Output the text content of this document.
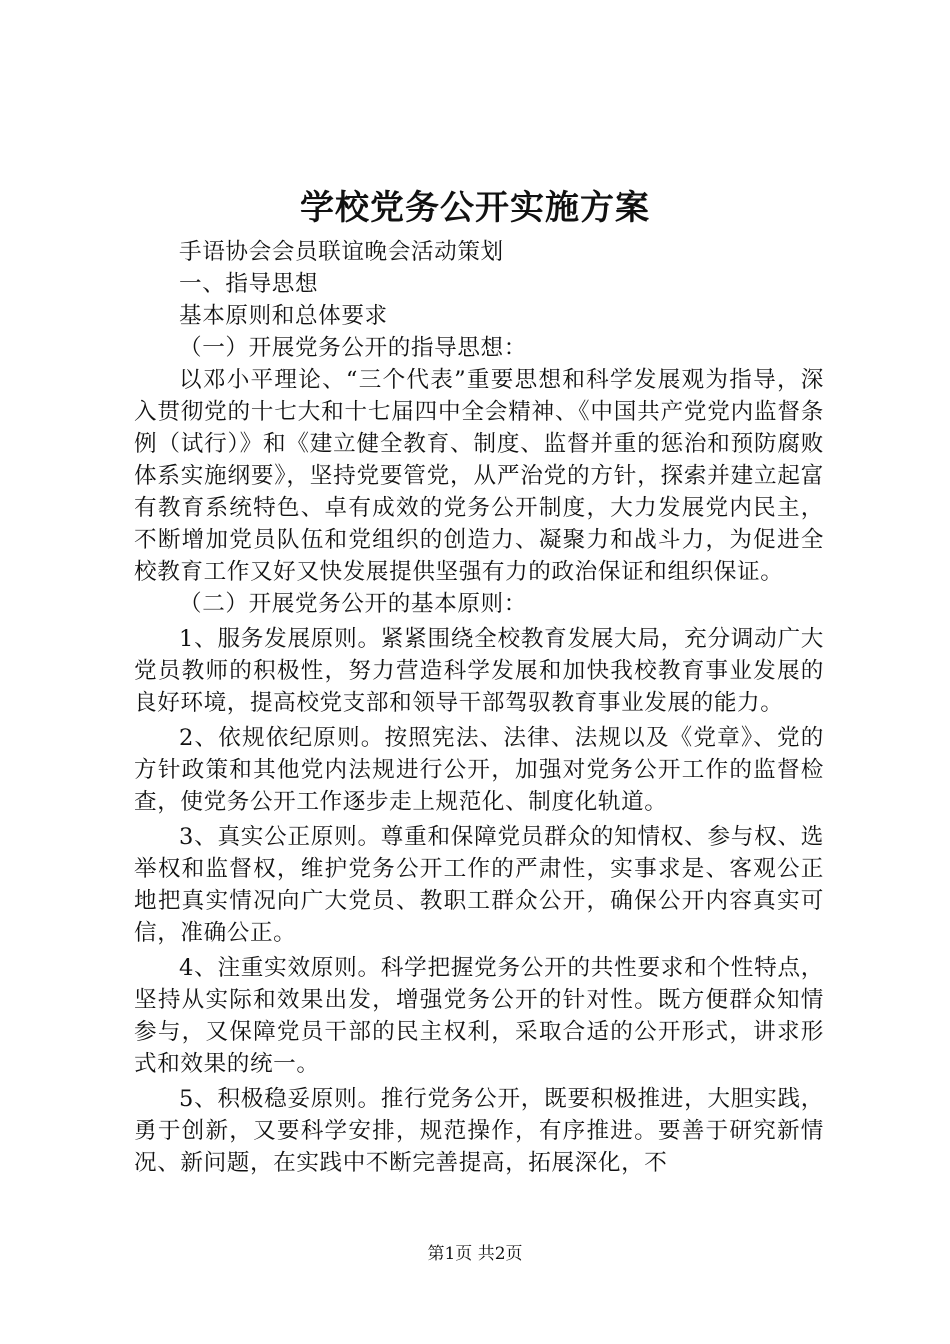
学校党务公开实施方案

手语协会会员联谊晚会活动策划

一、指导思想

基本原则和总体要求

（一）开展党务公开的指导思想：

以邓小平理论、“三个代表”重要思想和科学发展观为指导，深入贯彻党的十七大和十七届四中全会精神、《中国共产党党内监督条例（试行）》和《建立健全教育、制度、监督并重的惩治和预防腐败体系实施纲要》，坚持党要管党，从严治党的方针，探索并建立起富有教育系统特色、卓有成效的党务公开制度，大力发展党内民主，不断增加党员队伍和党组织的创造力、凝聚力和战斗力，为促进全校教育工作又好又快发展提供坚强有力的政治保证和组织保证。

（二）开展党务公开的基本原则：

1、服务发展原则。紧紧围绕全校教育发展大局，充分调动广大党员教师的积极性，努力营造科学发展和加快我校教育事业发展的良好环境，提高校党支部和领导干部驾驭教育事业发展的能力。

2、依规依纪原则。按照宪法、法律、法规以及《党章》、党的方针政策和其他党内法规进行公开，加强对党务公开工作的监督检查，使党务公开工作逐步走上规范化、制度化轨道。

3、真实公正原则。尊重和保障党员群众的知情权、参与权、选举权和监督权，维护党务公开工作的严肃性，实事求是、客观公正地把真实情况向广大党员、教职工群众公开，确保公开内容真实可信，准确公正。

4、注重实效原则。科学把握党务公开的共性要求和个性特点，坚持从实际和效果出发，增强党务公开的针对性。既方便群众知情参与，又保障党员干部的民主权利，采取合适的公开形式，讲求形式和效果的统一。

5、积极稳妥原则。推行党务公开，既要积极推进，大胆实践，勇于创新，又要科学安排，规范操作，有序推进。要善于研究新情况、新问题，在实践中不断完善提高，拓展深化，不

第1页 共2页
